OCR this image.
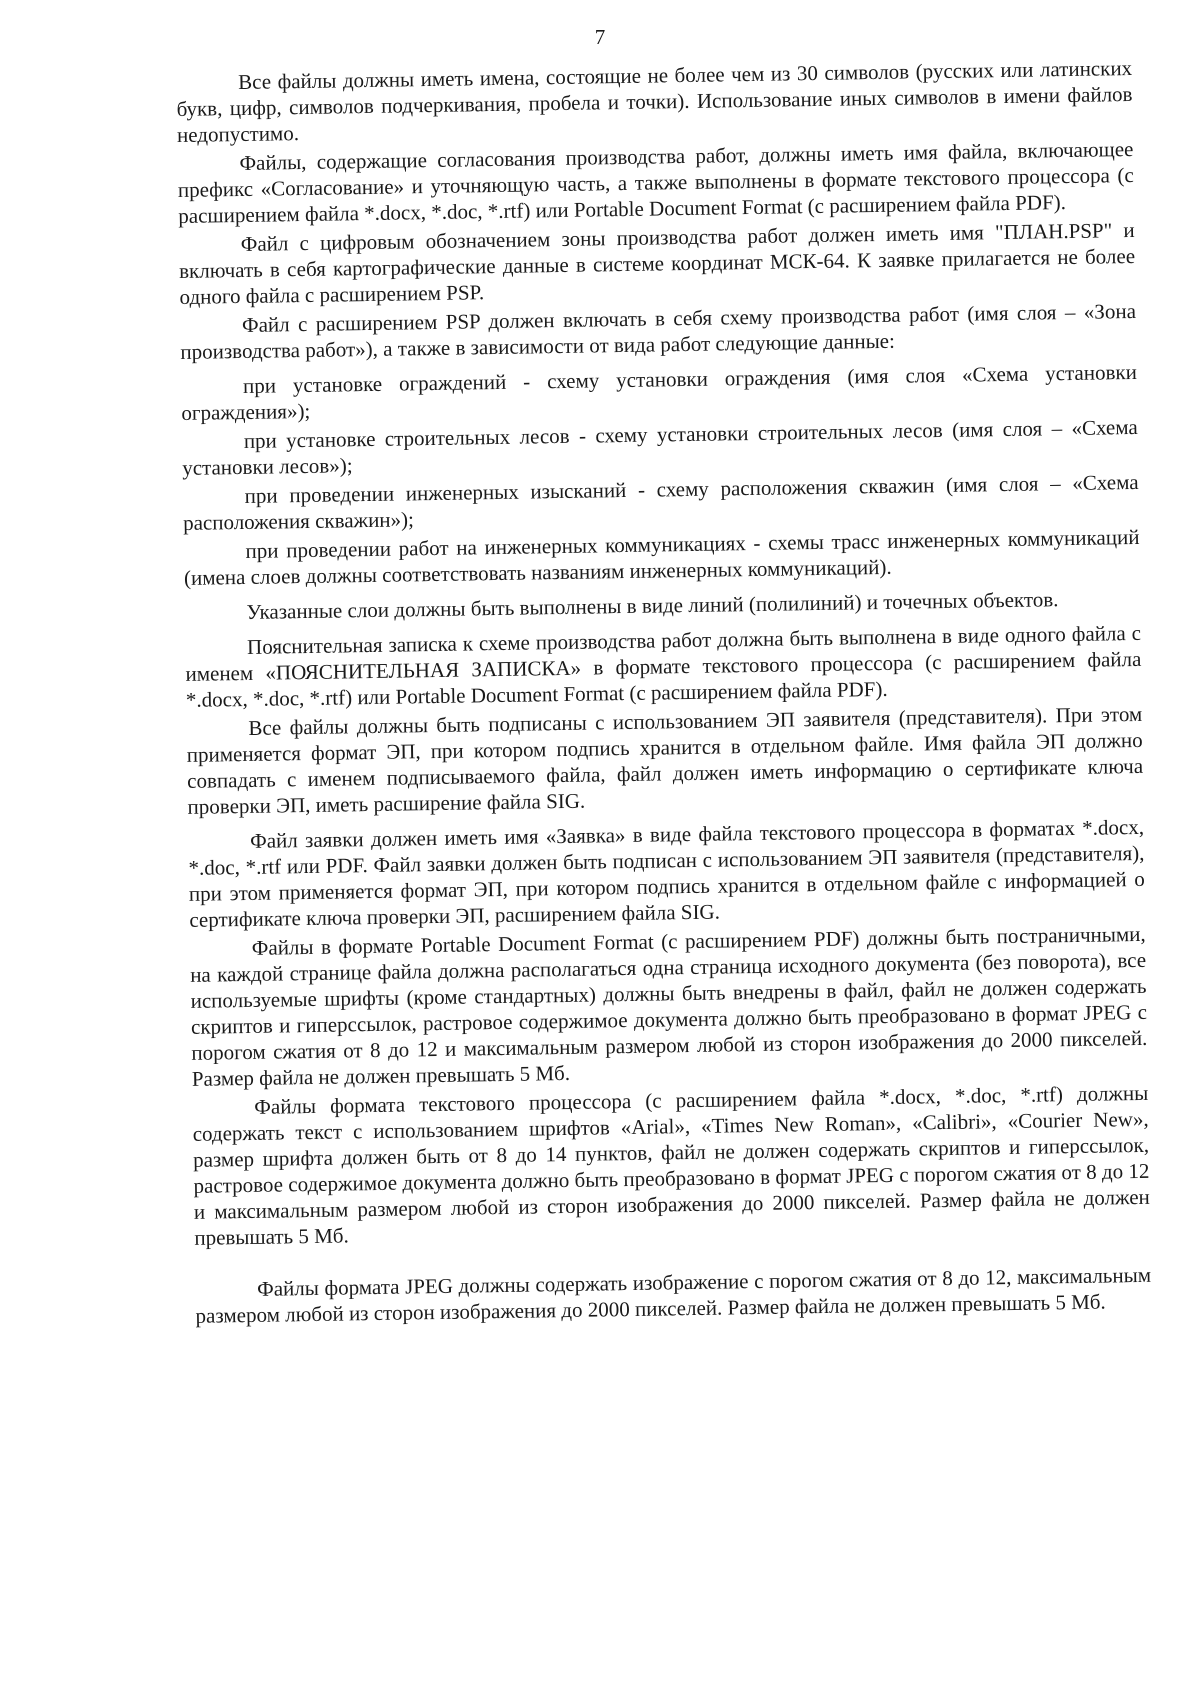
7

Все файлы должны иметь имена, состоящие не более чем из 30 символов (русских или латинских букв, цифр, символов подчеркивания, пробела и точки). Использование иных символов в имени файлов недопустимо.

Файлы, содержащие согласования производства работ, должны иметь имя файла, включающее префикс «Согласование» и уточняющую часть, а также выполнены в формате текстового процессора (с расширением файла *.docx, *.doc, *.rtf) или Portable Document Format (с расширением файла PDF).

Файл с цифровым обозначением зоны производства работ должен иметь имя "ПЛАН.PSP" и включать в себя картографические данные в системе координат МСК-64. К заявке прилагается не более одного файла с расширением PSP.

Файл с расширением PSP должен включать в себя схему производства работ (имя слоя – «Зона производства работ»), а также в зависимости от вида работ следующие данные:

при установке ограждений - схему установки ограждения (имя слоя «Схема установки ограждения»);

при установке строительных лесов - схему установки строительных лесов (имя слоя – «Схема установки лесов»);

при проведении инженерных изысканий - схему расположения скважин (имя слоя – «Схема расположения скважин»);

при проведении работ на инженерных коммуникациях - схемы трасс инженерных коммуникаций (имена слоев должны соответствовать названиям инженерных коммуникаций).

Указанные слои должны быть выполнены в виде линий (полилиний) и точечных объектов.

Пояснительная записка к схеме производства работ должна быть выполнена в виде одного файла с именем «ПОЯСНИТЕЛЬНАЯ ЗАПИСКА» в формате текстового процессора (с расширением файла *.docx, *.doc, *.rtf) или Portable Document Format (с расширением файла PDF).

Все файлы должны быть подписаны с использованием ЭП заявителя (представителя). При этом применяется формат ЭП, при котором подпись хранится в отдельном файле. Имя файла ЭП должно совпадать с именем подписываемого файла, файл должен иметь информацию о сертификате ключа проверки ЭП, иметь расширение файла SIG.

Файл заявки должен иметь имя «Заявка» в виде файла текстового процессора в форматах *.docx, *.doc, *.rtf или PDF. Файл заявки должен быть подписан с использованием ЭП заявителя (представителя), при этом применяется формат ЭП, при котором подпись хранится в отдельном файле с информацией о сертификате ключа проверки ЭП, расширением файла SIG.

Файлы в формате Portable Document Format (с расширением PDF) должны быть постраничными, на каждой странице файла должна располагаться одна страница исходного документа (без поворота), все используемые шрифты (кроме стандартных) должны быть внедрены в файл, файл не должен содержать скриптов и гиперссылок, растровое содержимое документа должно быть преобразовано в формат JPEG с порогом сжатия от 8 до 12 и максимальным размером любой из сторон изображения до 2000 пикселей. Размер файла не должен превышать 5 Мб.

Файлы формата текстового процессора (с расширением файла *.docx, *.doc, *.rtf) должны содержать текст с использованием шрифтов «Arial», «Times New Roman», «Calibri», «Courier New», размер шрифта должен быть от 8 до 14 пунктов, файл не должен содержать скриптов и гиперссылок, растровое содержимое документа должно быть преобразовано в формат JPEG с порогом сжатия от 8 до 12 и максимальным размером любой из сторон изображения до 2000 пикселей. Размер файла не должен превышать 5 Мб.

Файлы формата JPEG должны содержать изображение с порогом сжатия от 8 до 12, максимальным размером любой из сторон изображения до 2000 пикселей. Размер файла не должен превышать 5 Мб.
